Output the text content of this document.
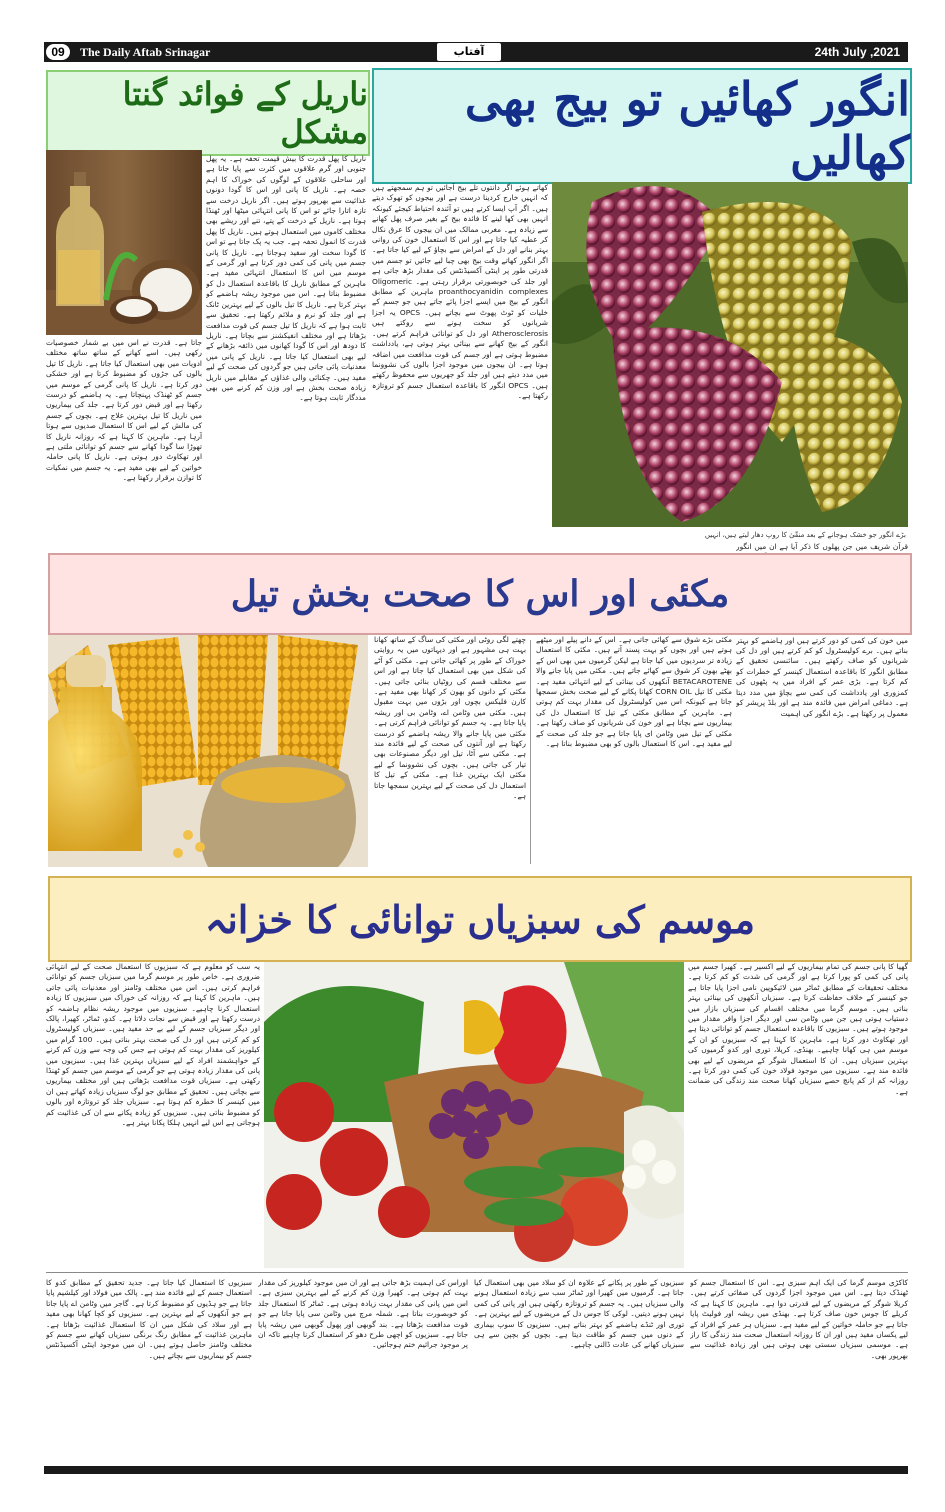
09	The Daily Aftab Srinagar	آفتاب	24th July ,2021
انگور کھائیں تو بیج بھی کھالیں
بڑے انگور جو خشک ہوجانے کے بعد منقّیٰ کا روپ دھار لیتے ہیں، انہیں
کھاتے ہوئے اگر دانتوں تلے بیج آجائیں تو ہم سمجھتے ہیں کہ انہیں خارج کردینا درست ہے اور بیجوں کو تھوک دیتے ہیں۔ اگر آپ ایسا کرتے ہیں تو آئندہ احتیاط کیجئے کیونکہ انہیں بھی کھا لینے کا فائدہ بیج کے بغیر صرف پھل کھانے سے زیادہ ہے۔ مغربی ممالک میں ان بیجوں کا عرق نکال کر عطیہ کیا جاتا ہے اور اس کا استعمال خون کی روانی بہتر بنانے اور دل کے امراض سے بچاؤ کے لیے کیا جاتا ہے۔ اگر انگور کھاتے وقت بیج بھی چبا لیے جائیں تو جسم میں قدرتی طور پر اینٹی آکسیڈنٹس کی مقدار بڑھ جاتی ہے اور جلد کی خوبصورتی برقرار رہتی ہے۔ Oligomeric proanthocyanidin complexes ماہرین کے مطابق انگور کے بیج میں ایسے اجزا پائے جاتے ہیں جو جسم کے خلیات کو ٹوٹ پھوٹ سے بچاتے ہیں۔ OPCS یہ اجزا شریانوں کو سخت ہونے سے روکتے ہیں Atherosclerosis اور دل کو توانائی فراہم کرتے ہیں۔ انگور کے بیج کھانے سے بینائی بہتر ہوتی ہے، یادداشت مضبوط ہوتی ہے اور جسم کی قوت مدافعت میں اضافہ ہوتا ہے۔ ان بیجوں میں موجود اجزا بالوں کی نشوونما میں مدد دیتے ہیں اور جلد کو جھریوں سے محفوظ رکھتے ہیں۔ OPCS انگور کا باقاعدہ استعمال جسم کو تروتازہ رکھتا ہے۔
قرآن شریف میں جن پھلوں کا ذکر آیا ہے ان میں انگور میں خون کی کمی کو دور کرتے ہیں اور ہاضمے کو بہتر بناتے ہیں۔ برے کولیسٹرول کو کم کرتے ہیں اور دل کی شریانوں کو صاف رکھتے ہیں۔ سائنسی تحقیق کے مطابق انگور کا باقاعدہ استعمال کینسر کے خطرات کو کم کرتا ہے۔ بڑی عمر کے افراد میں یہ پٹھوں کی کمزوری اور یادداشت کی کمی سے بچاؤ میں مدد دیتا ہے۔ دماغی امراض میں فائدہ مند ہے اور بلڈ پریشر کو معمول پر رکھتا ہے۔ بڑے انگور کی اہمیت
ناریل کے فوائد گنتا مشکل
ناریل کا پھل قدرت کا بیش قیمت تحفہ ہے۔ یہ پھل جنوبی اور گرم علاقوں میں کثرت سے پایا جاتا ہے اور ساحلی علاقوں کے لوگوں کی خوراک کا اہم حصہ ہے۔ ناریل کا پانی اور اس کا گودا دونوں غذائیت سے بھرپور ہوتے ہیں۔ اگر ناریل درخت سے تازہ اتارا جائے تو اس کا پانی انتہائی میٹھا اور ٹھنڈا ہوتا ہے۔ ناریل کے درخت کے پتے، تنے اور ریشے بھی مختلف کاموں میں استعمال ہوتے ہیں۔ ناریل کا پھل قدرت کا انمول تحفہ ہے۔ جب یہ پک جاتا ہے تو اس کا گودا سخت اور سفید ہوجاتا ہے۔ ناریل کا پانی جسم میں پانی کی کمی دور کرتا ہے اور گرمی کے موسم میں اس کا استعمال انتہائی مفید ہے۔ ماہرین کے مطابق ناریل کا باقاعدہ استعمال دل کو مضبوط بناتا ہے۔ اس میں موجود ریشہ ہاضمے کو بہتر کرتا ہے۔ ناریل کا تیل بالوں کے لیے بہترین ٹانک ہے اور جلد کو نرم و ملائم رکھتا ہے۔ تحقیق سے ثابت ہوا ہے کہ ناریل کا تیل جسم کی قوت مدافعت بڑھاتا ہے اور مختلف انفیکشنز سے بچاتا ہے۔ ناریل کا دودھ اور اس کا گودا کھانوں میں ذائقہ بڑھانے کے لیے بھی استعمال کیا جاتا ہے۔ ناریل کے پانی میں معدنیات پائی جاتی ہیں جو گردوں کی صحت کے لیے مفید ہیں۔ چکنائی والی غذاؤں کے مقابلے میں ناریل زیادہ صحت بخش ہے اور وزن کم کرنے میں بھی مددگار ثابت ہوتا ہے۔
جاتا ہے۔ قدرت نے اس میں بے شمار خصوصیات رکھی ہیں۔ اسے کھانے کے ساتھ ساتھ مختلف ادویات میں بھی استعمال کیا جاتا ہے۔ ناریل کا تیل بالوں کی جڑوں کو مضبوط کرتا ہے اور خشکی دور کرتا ہے۔ ناریل کا پانی گرمی کے موسم میں جسم کو ٹھنڈک پہنچاتا ہے۔ یہ ہاضمے کو درست رکھتا ہے اور قبض دور کرتا ہے۔ جلد کی بیماریوں میں ناریل کا تیل بہترین علاج ہے۔ بچوں کے جسم کی مالش کے لیے اس کا استعمال صدیوں سے ہوتا آرہا ہے۔ ماہرین کا کہنا ہے کہ روزانہ ناریل کا تھوڑا سا گودا کھانے سے جسم کو توانائی ملتی ہے اور تھکاوٹ دور ہوتی ہے۔ ناریل کا پانی حاملہ خواتین کے لیے بھی مفید ہے۔ یہ جسم میں نمکیات کا توازن برقرار رکھتا ہے۔
مکئی اور اس کا صحت بخش تیل
چھتے لگی روٹی اور مکئی کی ساگ کے ساتھ کھانا بہت ہی مشہور ہے اور دیہاتوں میں یہ روایتی خوراک کے طور پر کھائی جاتی ہے۔ مکئی کو آٹے کی شکل میں بھی استعمال کیا جاتا ہے اور اس سے مختلف قسم کی روٹیاں بنائی جاتی ہیں۔ مکئی کے دانوں کو بھون کر کھانا بھی مفید ہے۔ کارن فلیکس بچوں اور بڑوں میں بہت مقبول ہیں۔ مکئی میں وٹامن اے، وٹامن بی اور ریشہ پایا جاتا ہے۔ یہ جسم کو توانائی فراہم کرتی ہے۔ مکئی میں پایا جانے والا ریشہ ہاضمے کو درست رکھتا ہے اور آنتوں کی صحت کے لیے فائدہ مند ہے۔ مکئی سے آٹا، تیل اور دیگر مصنوعات بھی تیار کی جاتی ہیں۔ بچوں کی نشوونما کے لیے مکئی ایک بہترین غذا ہے۔ مکئی کے تیل کا استعمال دل کی صحت کے لیے بہترین سمجھا جاتا ہے۔
مکئی بڑے شوق سے کھائی جاتی ہے۔ اس کے دانے پیلے اور میٹھے ہوتے ہیں اور بچوں کو بہت پسند آتے ہیں۔ مکئی کا استعمال زیادہ تر سردیوں میں کیا جاتا ہے لیکن گرمیوں میں بھی اس کے بھٹے بھون کر شوق سے کھائے جاتے ہیں۔ مکئی میں پایا جانے والا BETACAROTENE آنکھوں کی بینائی کے لیے انتہائی مفید ہے۔ مکئی کا تیل CORN OIL کھانا پکانے کے لیے صحت بخش سمجھا جاتا ہے کیونکہ اس میں کولیسٹرول کی مقدار بہت کم ہوتی ہے۔ ماہرین کے مطابق مکئی کے تیل کا استعمال دل کی بیماریوں سے بچاتا ہے اور خون کی شریانوں کو صاف رکھتا ہے۔ مکئی کے تیل میں وٹامن ای پایا جاتا ہے جو جلد کی صحت کے لیے مفید ہے۔ اس کا استعمال بالوں کو بھی مضبوط بناتا ہے۔
موسم کی سبزیاں توانائی کا خزانہ
یہ سب کو معلوم ہے کہ سبزیوں کا استعمال صحت کے لیے انتہائی ضروری ہے۔ خاص طور پر موسم گرما میں سبزیاں جسم کو توانائی فراہم کرتی ہیں۔ اس میں مختلف وٹامنز اور معدنیات پائی جاتی ہیں۔ ماہرین کا کہنا ہے کہ روزانہ کی خوراک میں سبزیوں کا زیادہ استعمال کرنا چاہیے۔ سبزیوں میں موجود ریشہ نظام ہاضمہ کو درست رکھتا ہے اور قبض سے نجات دلاتا ہے۔ کدو، ٹماٹر، کھیرا، پالک اور دیگر سبزیاں جسم کے لیے بے حد مفید ہیں۔ سبزیاں کولیسٹرول کو کم کرتی ہیں اور دل کی صحت بہتر بناتی ہیں۔ 100 گرام میں کیلوریز کی مقدار بہت کم ہوتی ہے جس کی وجہ سے وزن کم کرنے کے خواہشمند افراد کے لیے سبزیاں بہترین غذا ہیں۔ سبزیوں میں پانی کی مقدار زیادہ ہوتی ہے جو گرمی کے موسم میں جسم کو ٹھنڈا رکھتی ہے۔ سبزیاں قوت مدافعت بڑھاتی ہیں اور مختلف بیماریوں سے بچاتی ہیں۔ تحقیق کے مطابق جو لوگ سبزیاں زیادہ کھاتے ہیں ان میں کینسر کا خطرہ کم ہوتا ہے۔ سبزیاں جلد کو تروتازہ اور بالوں کو مضبوط بناتی ہیں۔ سبزیوں کو زیادہ پکانے سے ان کی غذائیت کم ہوجاتی ہے اس لیے انہیں ہلکا پکانا بہتر ہے۔
گھیا کا پانی جسم کی تمام بیماریوں کے لیے اکسیر ہے۔ کھیرا جسم میں پانی کی کمی کو پورا کرتا ہے اور گرمی کی شدت کو کم کرتا ہے۔ مختلف تحقیقات کے مطابق ٹماٹر میں لائیکوپین نامی اجزا پایا جاتا ہے جو کینسر کے خلاف حفاظت کرتا ہے۔ سبزیاں آنکھوں کی بینائی بہتر بناتی ہیں۔ موسم گرما میں مختلف اقسام کی سبزیاں بازار میں دستیاب ہوتی ہیں جن میں وٹامن سی اور دیگر اجزا وافر مقدار میں موجود ہوتے ہیں۔ سبزیوں کا باقاعدہ استعمال جسم کو توانائی دیتا ہے اور تھکاوٹ دور کرتا ہے۔ ماہرین کا کہنا ہے کہ سبزیوں کو ان کے موسم میں ہی کھانا چاہیے۔ بھنڈی، کریلا، توری اور کدو گرمیوں کی بہترین سبزیاں ہیں۔ ان کا استعمال شوگر کے مریضوں کے لیے بھی فائدہ مند ہے۔ سبزیوں میں موجود فولاد خون کی کمی دور کرتا ہے۔ روزانہ کم از کم پانچ حصے سبزیاں کھانا صحت مند زندگی کی ضمانت ہے۔
سبزیوں کا استعمال کیا جاتا ہے۔ جدید تحقیق کے مطابق کدو کا استعمال جسم کے لیے فائدہ مند ہے۔ پالک میں فولاد اور کیلشیم پایا جاتا ہے جو ہڈیوں کو مضبوط کرتا ہے۔ گاجر میں وٹامن اے پایا جاتا ہے جو آنکھوں کے لیے بہترین ہے۔ سبزیوں کو کچا کھانا بھی مفید ہے اور سلاد کی شکل میں ان کا استعمال غذائیت بڑھاتا ہے۔ ماہرین غذائیت کے مطابق رنگ برنگی سبزیاں کھانے سے جسم کو مختلف وٹامنز حاصل ہوتے ہیں۔ ان میں موجود اینٹی آکسیڈنٹس جسم کو بیماریوں سے بچاتے ہیں۔
اوراس کی اہمیت بڑھ جاتی ہے اور ان میں موجود کیلوریز کی مقدار بہت کم ہوتی ہے۔ کھیرا وزن کم کرنے کے لیے بہترین سبزی ہے۔ اس میں پانی کی مقدار بہت زیادہ ہوتی ہے۔ ٹماٹر کا استعمال جلد کو خوبصورت بناتا ہے۔ شملہ مرچ میں وٹامن سی پایا جاتا ہے جو قوت مدافعت بڑھاتا ہے۔ بند گوبھی اور پھول گوبھی میں ریشہ پایا جاتا ہے۔ سبزیوں کو اچھی طرح دھو کر استعمال کرنا چاہیے تاکہ ان پر موجود جراثیم ختم ہوجائیں۔
سبزیوں کے طور پر پکانے کے علاوہ ان کو سلاد میں بھی استعمال کیا جاتا ہے۔ گرمیوں میں کھیرا اور ٹماٹر سب سے زیادہ استعمال ہونے والی سبزیاں ہیں۔ یہ جسم کو تروتازہ رکھتی ہیں اور پانی کی کمی نہیں ہونے دیتیں۔ لوکی کا جوس دل کے مریضوں کے لیے بہترین ہے۔ توری اور ٹنڈے ہاضمے کو بہتر بناتے ہیں۔ سبزیوں کا سوپ بیماری کے دنوں میں جسم کو طاقت دیتا ہے۔ بچوں کو بچپن سے ہی سبزیاں کھانے کی عادت ڈالنی چاہیے۔
کاکڑی موسم گرما کی ایک اہم سبزی ہے۔ اس کا استعمال جسم کو ٹھنڈک دیتا ہے۔ اس میں موجود اجزا گردوں کی صفائی کرتے ہیں۔ کریلا شوگر کے مریضوں کے لیے قدرتی دوا ہے۔ ماہرین کا کہنا ہے کہ کریلے کا جوس خون صاف کرتا ہے۔ بھنڈی میں ریشہ اور فولیٹ پایا جاتا ہے جو حاملہ خواتین کے لیے مفید ہے۔ سبزیاں ہر عمر کے افراد کے لیے یکساں مفید ہیں اور ان کا روزانہ استعمال صحت مند زندگی کا راز ہے۔ موسمی سبزیاں سستی بھی ہوتی ہیں اور زیادہ غذائیت سے بھرپور بھی۔
